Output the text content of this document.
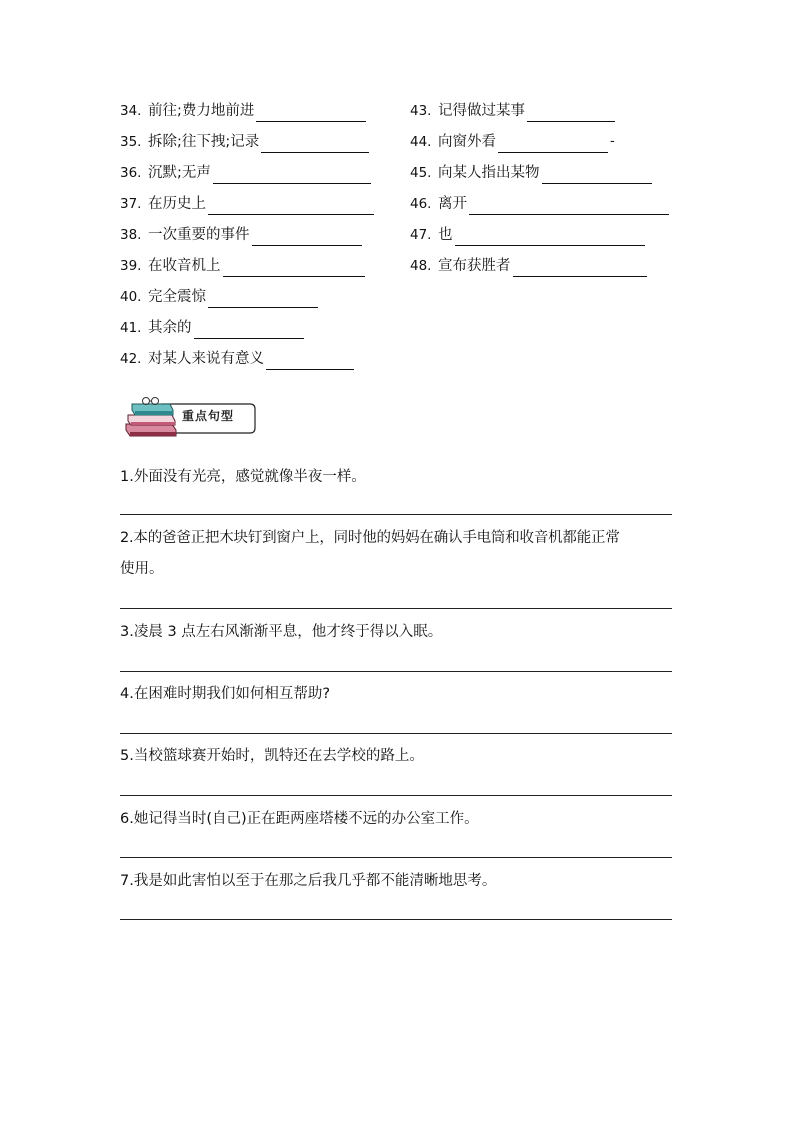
34. 前往;费力地前进
35. 拆除;往下拽;记录
36. 沉默;无声
37. 在历史上
38. 一次重要的事件
39. 在收音机上
40. 完全震惊
41. 其余的
42. 对某人来说有意义
43. 记得做过某事
44. 向窗外看	-
45. 向某人指出某物
46. 离开
47. 也
48. 宣布获胜者
重点句型
1.外面没有光亮，感觉就像半夜一样。
2.本的爸爸正把木块钉到窗户上，同时他的妈妈在确认手电筒和收音机都能正常
使用。
3.凌晨 3 点左右风渐渐平息，他才终于得以入眠。
4.在困难时期我们如何相互帮助?
5.当校篮球赛开始时，凯特还在去学校的路上。
6.她记得当时(自己)正在距两座塔楼不远的办公室工作。
7.我是如此害怕以至于在那之后我几乎都不能清晰地思考。
